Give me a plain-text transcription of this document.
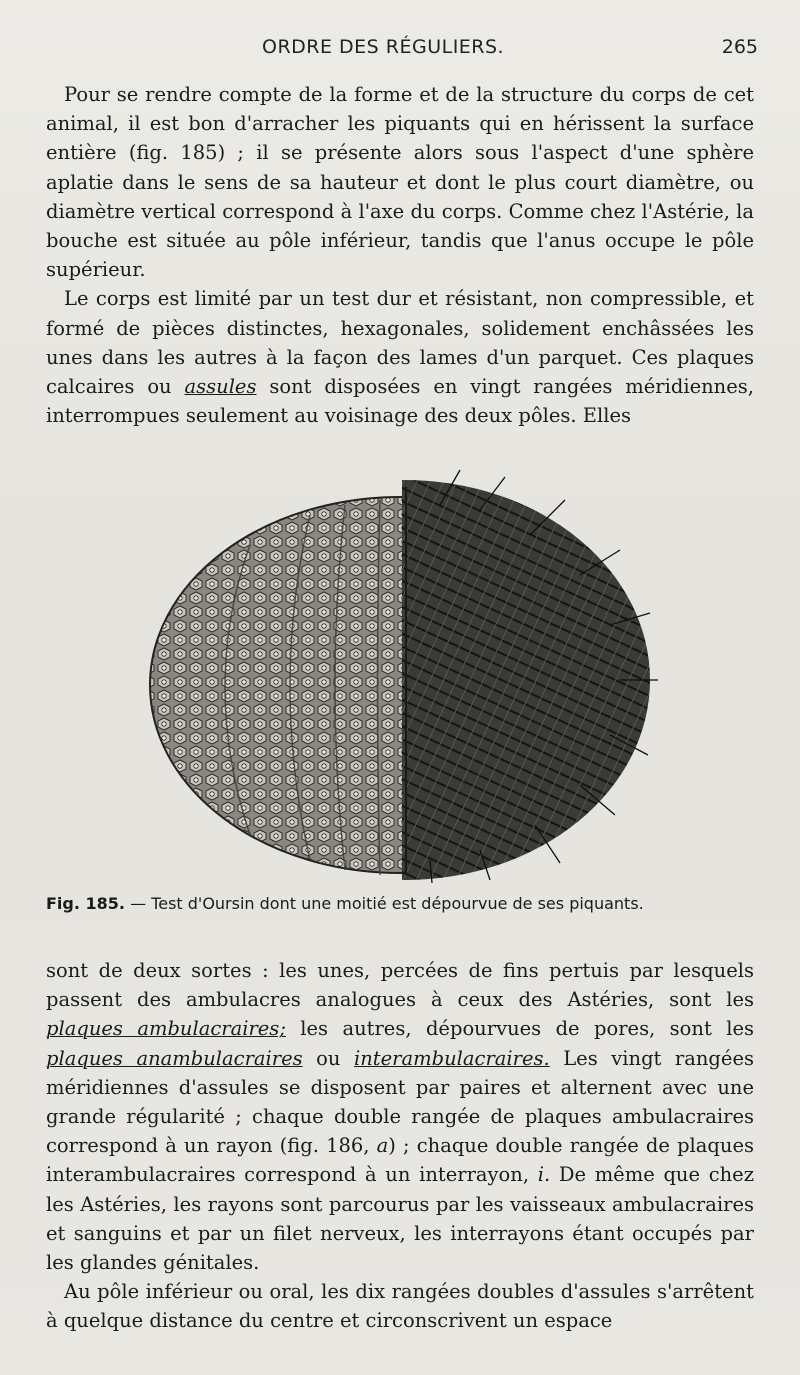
ORDRE DES RÉGULIERS.	265

Pour se rendre compte de la forme et de la structure du corps de cet animal, il est bon d'arracher les piquants qui en hérissent la surface entière (fig. 185) ; il se présente alors sous l'aspect d'une sphère aplatie dans le sens de sa hauteur et dont le plus court diamètre, ou diamètre vertical correspond à l'axe du corps. Comme chez l'Astérie, la bouche est située au pôle inférieur, tandis que l'anus occupe le pôle supérieur.

Le corps est limité par un test dur et résistant, non compressible, et formé de pièces distinctes, hexagonales, solidement enchâssées les unes dans les autres à la façon des lames d'un parquet. Ces plaques calcaires ou assules sont disposées en vingt rangées méridiennes, interrompues seulement au voisinage des deux pôles. Elles

Fig. 185. — Test d'Oursin dont une moitié est dépourvue de ses piquants.

sont de deux sortes : les unes, percées de fins pertuis par lesquels passent des ambulacres analogues à ceux des Astéries, sont les plaques ambulacraires; les autres, dépourvues de pores, sont les plaques anambulacraires ou interambulacraires. Les vingt rangées méridiennes d'assules se disposent par paires et alternent avec une grande régularité ; chaque double rangée de plaques ambulacraires correspond à un rayon (fig. 186, a) ; chaque double rangée de plaques interambulacraires correspond à un interrayon, i. De même que chez les Astéries, les rayons sont parcourus par les vaisseaux ambulacraires et sanguins et par un filet nerveux, les interrayons étant occupés par les glandes génitales.

Au pôle inférieur ou oral, les dix rangées doubles d'assules s'arrêtent à quelque distance du centre et circonscrivent un espace
